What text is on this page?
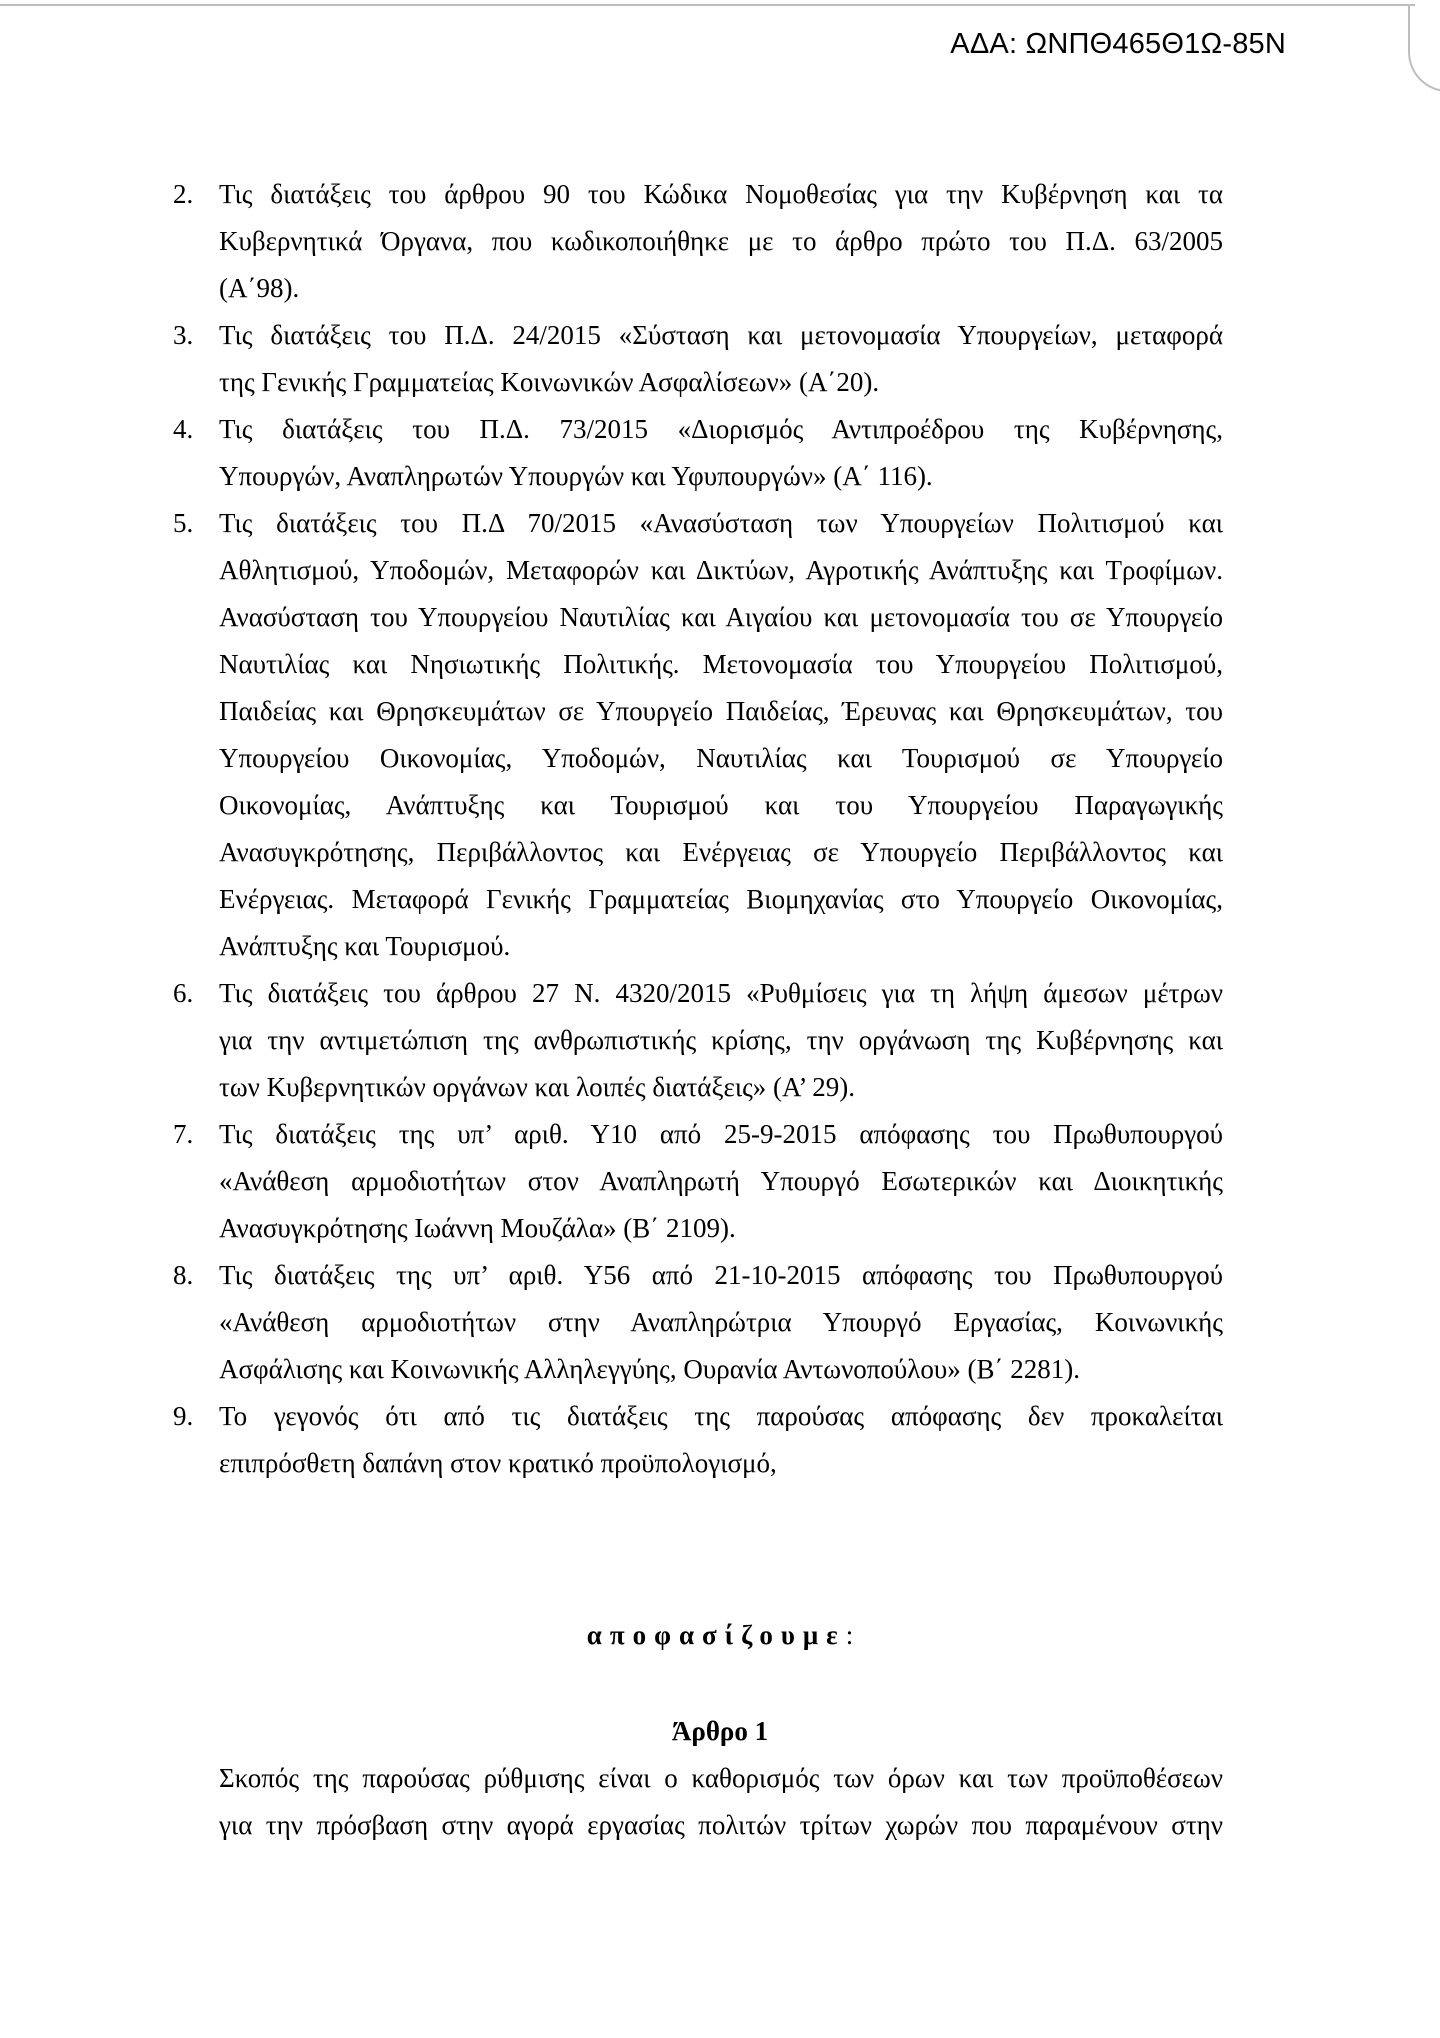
ΑΔΑ: ΩΝΠΘ465Θ1Ω-85Ν
2. Τις διατάξεις του άρθρου 90 του Κώδικα Νομοθεσίας για την Κυβέρνηση και τα
Κυβερνητικά Όργανα, που κωδικοποιήθηκε με το άρθρο πρώτο του Π.Δ. 63/2005
(Α΄98).
3. Τις διατάξεις του Π.Δ. 24/2015 «Σύσταση και μετονομασία Υπουργείων, μεταφορά
της Γενικής Γραμματείας Κοινωνικών Ασφαλίσεων» (Α΄20).
4. Τις διατάξεις του Π.Δ. 73/2015 «Διορισμός Αντιπροέδρου της Κυβέρνησης,
Υπουργών, Αναπληρωτών Υπουργών και Υφυπουργών» (Α΄ 116).
5. Τις διατάξεις του Π.Δ 70/2015 «Ανασύσταση των Υπουργείων Πολιτισμού και
Αθλητισμού, Υποδομών, Μεταφορών και Δικτύων, Αγροτικής Ανάπτυξης και Τροφίμων.
Ανασύσταση του Υπουργείου Ναυτιλίας και Αιγαίου και μετονομασία του σε Υπουργείο
Ναυτιλίας και Νησιωτικής Πολιτικής. Μετονομασία του Υπουργείου Πολιτισμού,
Παιδείας και Θρησκευμάτων σε Υπουργείο Παιδείας, Έρευνας και Θρησκευμάτων, του
Υπουργείου Οικονομίας, Υποδομών, Ναυτιλίας και Τουρισμού σε Υπουργείο
Οικονομίας, Ανάπτυξης και Τουρισμού και του Υπουργείου Παραγωγικής
Ανασυγκρότησης, Περιβάλλοντος και Ενέργειας σε Υπουργείο Περιβάλλοντος και
Ενέργειας. Μεταφορά Γενικής Γραμματείας Βιομηχανίας στο Υπουργείο Οικονομίας,
Ανάπτυξης και Τουρισμού.
6. Τις διατάξεις του άρθρου 27 Ν. 4320/2015 «Ρυθμίσεις για τη λήψη άμεσων μέτρων
για την αντιμετώπιση της ανθρωπιστικής κρίσης, την οργάνωση της Κυβέρνησης και
των Κυβερνητικών οργάνων και λοιπές διατάξεις» (Α’ 29).
7. Τις διατάξεις της υπ’ αριθ. Υ10 από 25-9-2015 απόφασης του Πρωθυπουργού
«Ανάθεση αρμοδιοτήτων στον Αναπληρωτή Υπουργό Εσωτερικών και Διοικητικής
Ανασυγκρότησης Ιωάννη Μουζάλα» (Β΄ 2109).
8. Τις διατάξεις της υπ’ αριθ. Υ56 από 21-10-2015 απόφασης του Πρωθυπουργού
«Ανάθεση αρμοδιοτήτων στην Αναπληρώτρια Υπουργό Εργασίας, Κοινωνικής
Ασφάλισης και Κοινωνικής Αλληλεγγύης, Ουρανία Αντωνοπούλου» (Β΄ 2281).
9. Το γεγονός ότι από τις διατάξεις της παρούσας απόφασης δεν προκαλείται
επιπρόσθετη δαπάνη στον κρατικό προϋπολογισμό,
αποφασίζουμε:
Άρθρο 1
Σκοπός της παρούσας ρύθμισης είναι ο καθορισμός των όρων και των προϋποθέσεων
για την πρόσβαση στην αγορά εργασίας πολιτών τρίτων χωρών που παραμένουν στην
